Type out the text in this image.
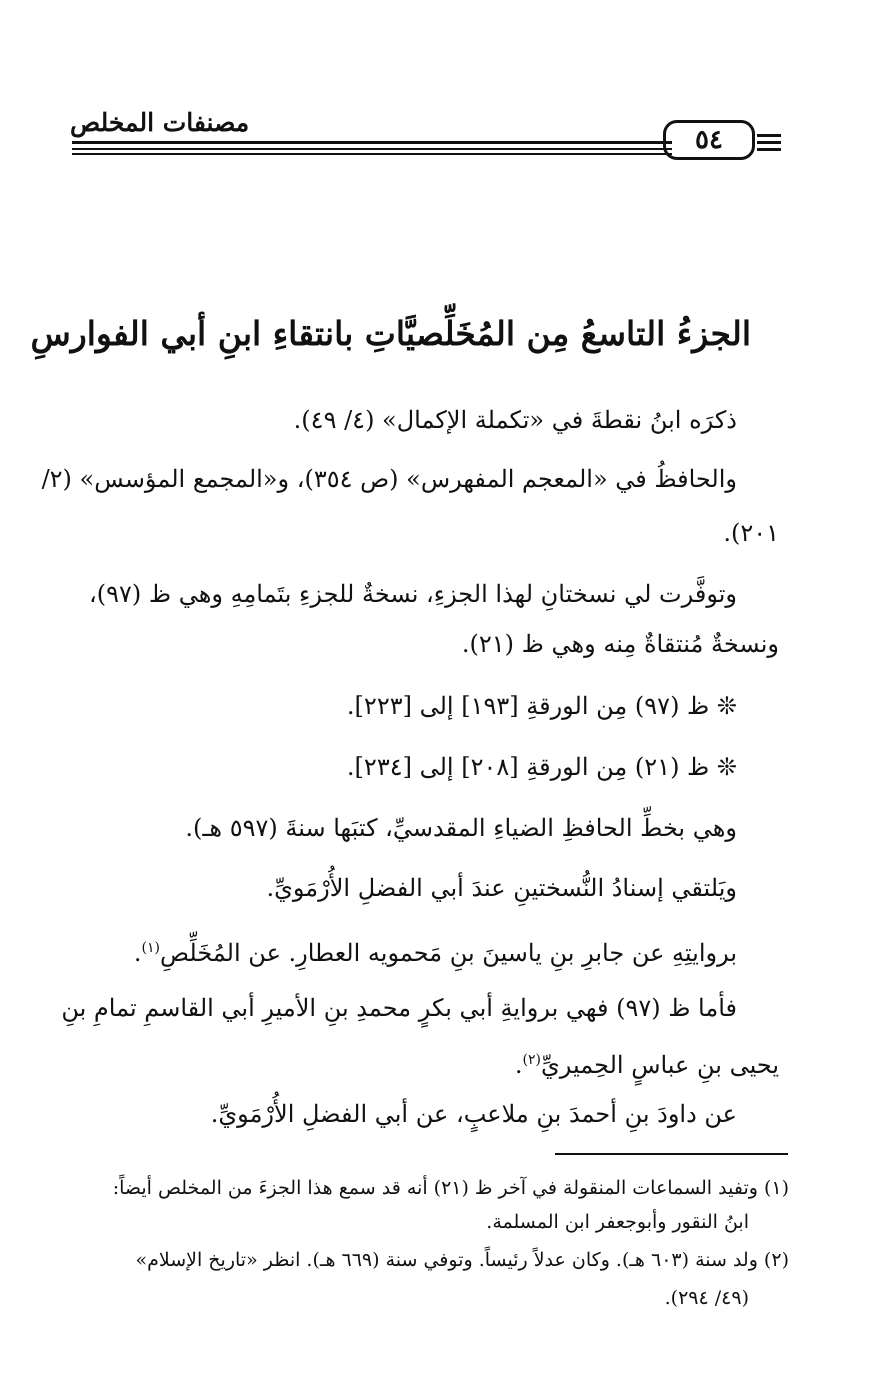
مصنفات المخلص
٥٤
الجزءُ التاسعُ مِن المُخَلِّصيَّاتِ بانتقاءِ ابنِ أبي الفوارسِ
ذكرَه ابنُ نقطةَ في «تكملة الإكمال» (٤/ ٤٩).
والحافظُ في «المعجم المفهرس» (ص ٣٥٤)، و«المجمع المؤسس» (٢/
٢٠١).
وتوفَّرت لي نسختانِ لهذا الجزءِ، نسخةٌ للجزءِ بتَمامِهِ وهي ظ (٩٧)،
ونسخةٌ مُنتقاةٌ مِنه وهي ظ (٢١).
❊ ظ (٩٧) مِن الورقةِ [١٩٣] إلى [٢٢٣].
❊ ظ (٢١) مِن الورقةِ [٢٠٨] إلى [٢٣٤].
وهي بخطِّ الحافظِ الضياءِ المقدسيِّ، كتبَها سنةَ (٥٩٧ هـ).
ويَلتقي إسنادُ النُّسختينِ عندَ أبي الفضلِ الأُرْمَويِّ.
بروايتِهِ عن جابرِ بنِ ياسينَ بنِ مَحمويه العطارِ. عن المُخَلِّصِ$^{(١)}$.
فأما ظ (٩٧) فهي بروايةِ أبي بكرٍ محمدِ بنِ الأميرِ أبي القاسمِ تمامِ بنِ
يحيى بنِ عباسٍ الحِميريِّ$^{(٢)}$.
عن داودَ بنِ أحمدَ بنِ ملاعبٍ، عن أبي الفضلِ الأُرْمَويِّ.
(١) وتفيد السماعات المنقولة في آخر ظ (٢١) أنه قد سمع هذا الجزءَ من المخلص أيضاً:
ابنُ النقور وأبوجعفر ابن المسلمة.
(٢) ولد سنة (٦٠٣ هـ). وكان عدلاً رئيساً. وتوفي سنة (٦٦٩ هـ). انظر «تاريخ الإسلام»
(٤٩/ ٢٩٤).
